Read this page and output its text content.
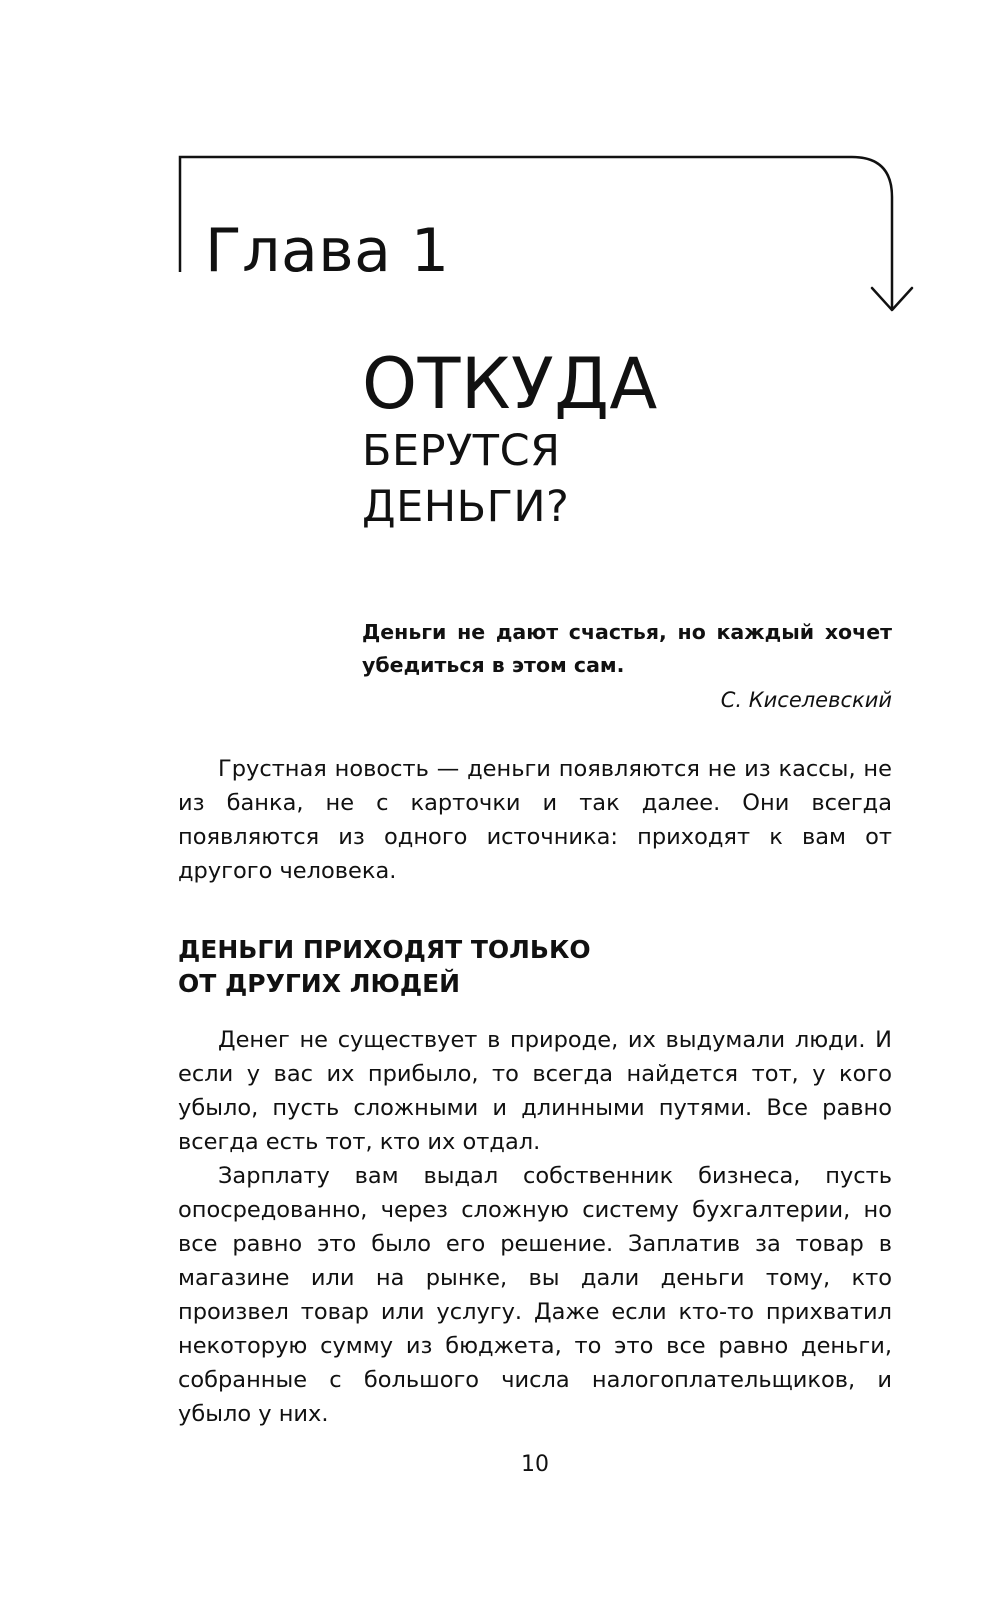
Глава 1
ОТКУДА
БЕРУТСЯ
ДЕНЬГИ?

Деньги не дают счастья, но каждый хочет убедиться в этом сам.

С. Киселевский

Грустная новость — деньги появляются не из кассы, не из банка, не с карточки и так далее. Они всегда появляются из одного источника: приходят к вам от другого человека.

ДЕНЬГИ ПРИХОДЯТ ТОЛЬКО
ОТ ДРУГИХ ЛЮДЕЙ

Денег не существует в природе, их выдумали люди. И если у вас их прибыло, то всегда найдется тот, у кого убыло, пусть сложными и длинными путями. Все равно всегда есть тот, кто их отдал.

Зарплату вам выдал собственник бизнеса, пусть опосредованно, через сложную систему бухгалтерии, но все равно это было его решение. Заплатив за товар в магазине или на рынке, вы дали деньги тому, кто произвел товар или услугу. Даже если кто-то прихватил некоторую сумму из бюджета, то это все равно деньги, собранные с большого числа налогоплательщиков, и убыло у них.

10
